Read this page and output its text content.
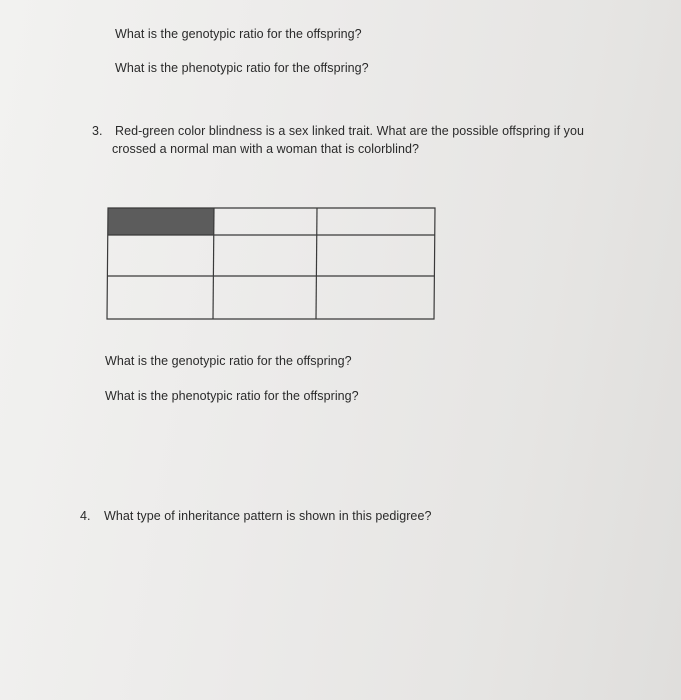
What is the genotypic ratio for the offspring?
What is the phenotypic ratio for the offspring?
3. Red-green color blindness is a sex linked trait. What are the possible offspring if you
crossed a normal man with a woman that is colorblind?
What is the genotypic ratio for the offspring?
What is the phenotypic ratio for the offspring?
4. What type of inheritance pattern is shown in this pedigree?
